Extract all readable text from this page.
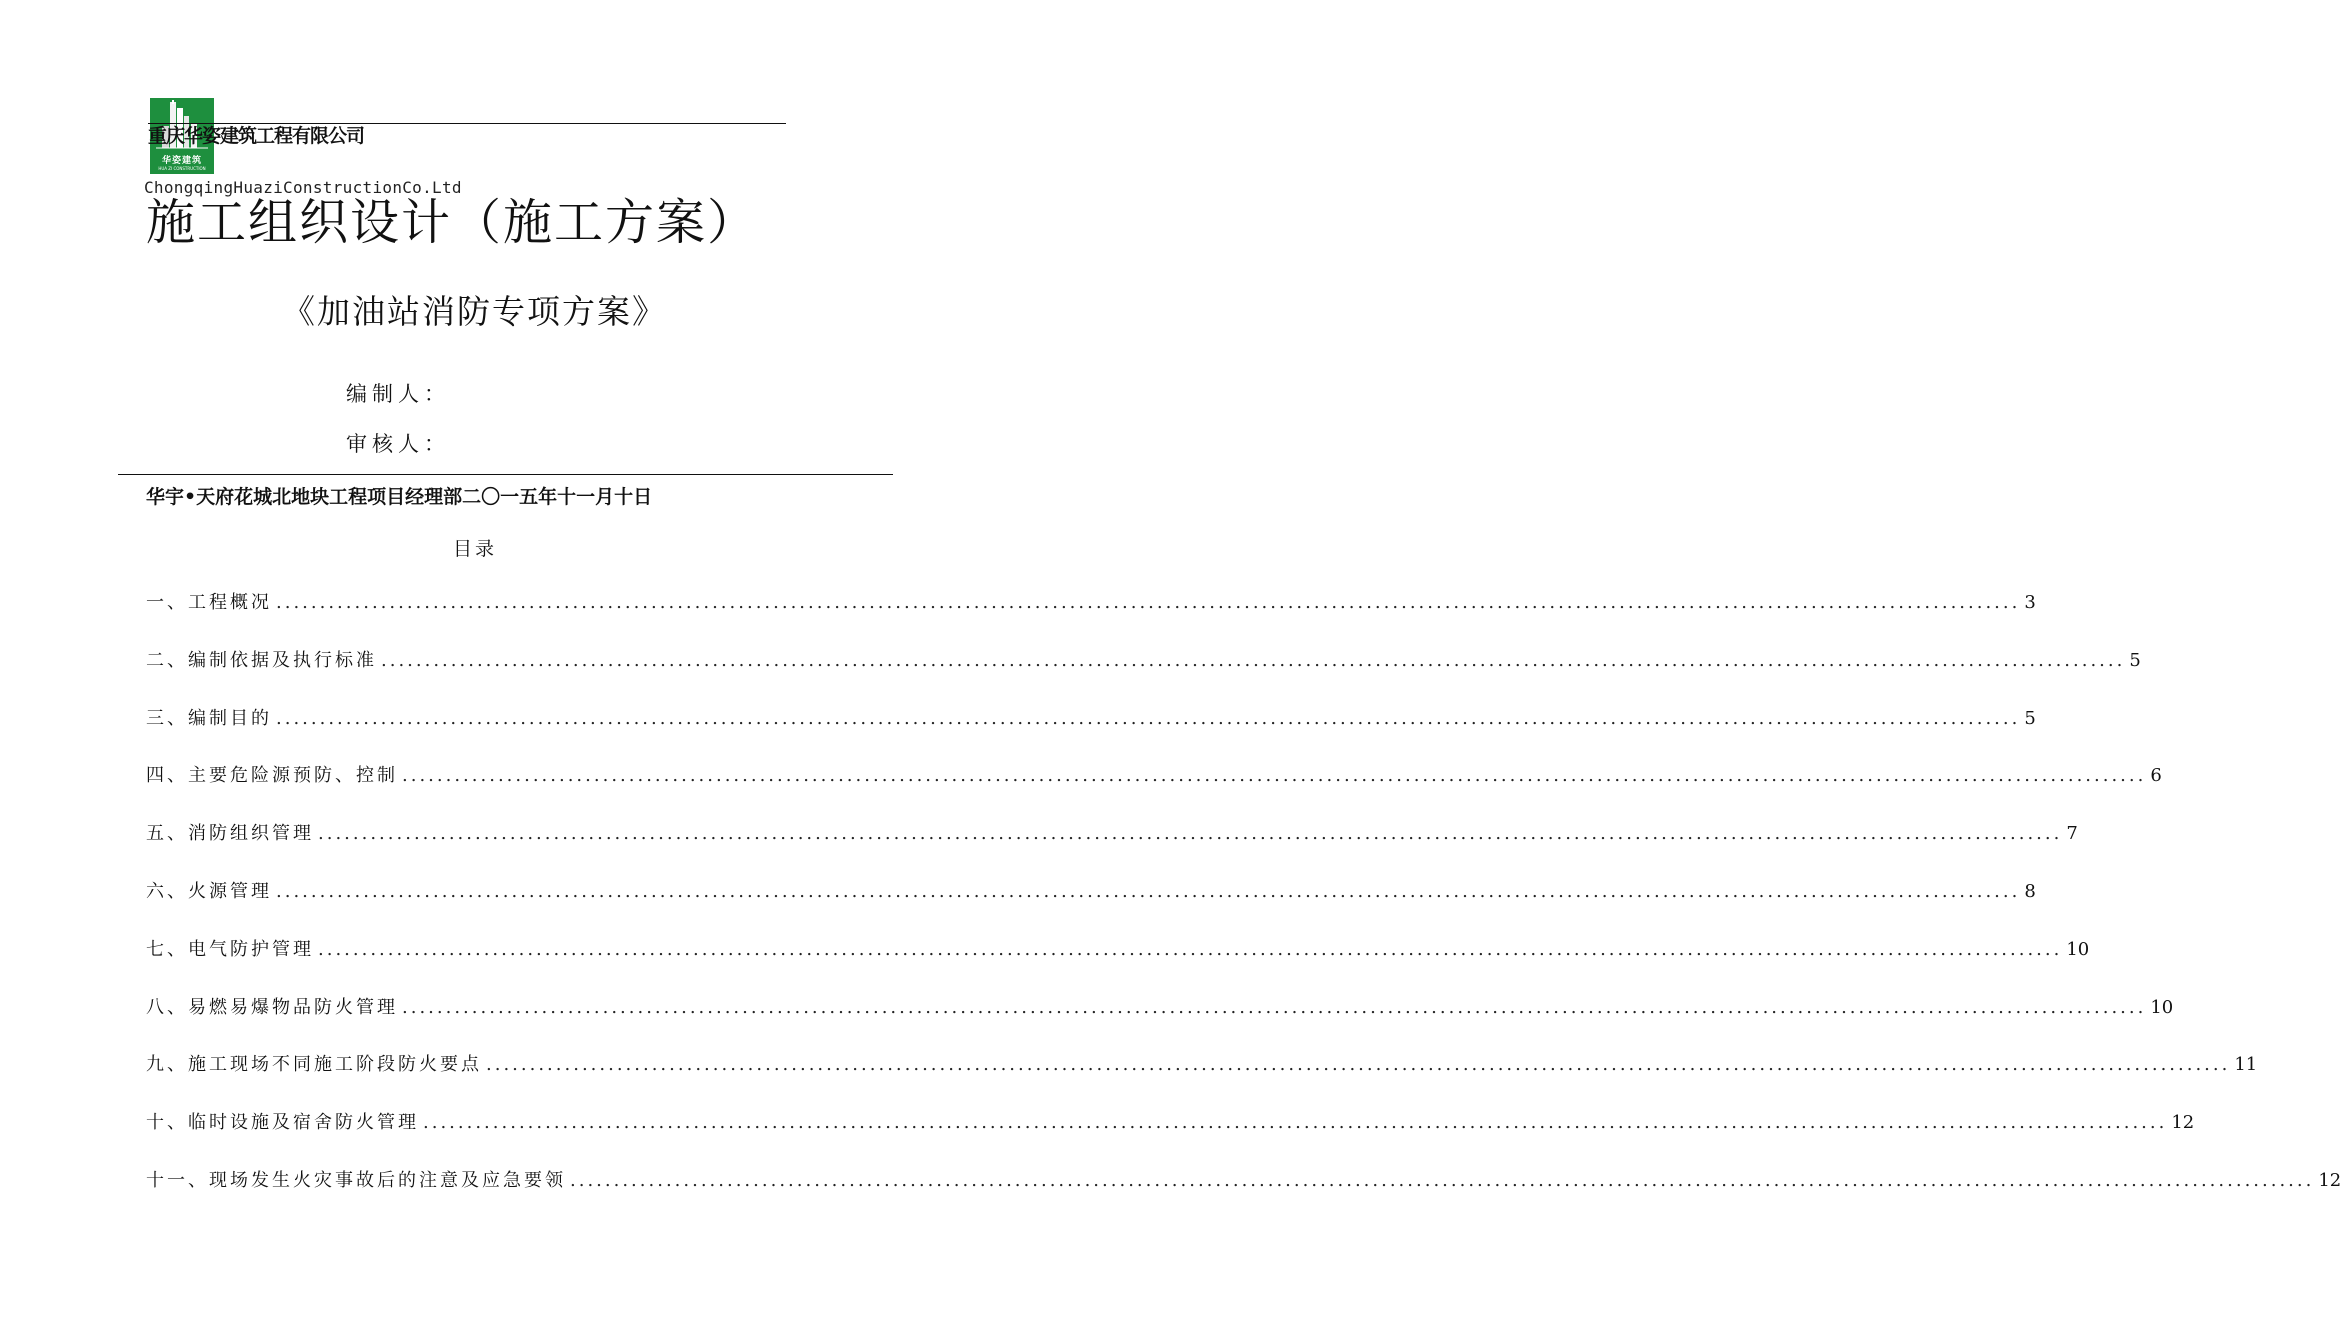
华姿建筑
HUA ZI CONSTRUCTION
重庆华姿建筑工程有限公司
ChongqingHuaziConstructionCo.Ltd
施工组织设计（施工方案）
《加油站消防专项方案》
编制人：
审核人：
华宇•天府花城北地块工程项目经理部二〇一五年十一月十日
目录
一、工程概况 ........................................................................................................................................................................................................ 3
二、编制依据及执行标准 ........................................................................................................................................................................................................ 5
三、编制目的 ........................................................................................................................................................................................................ 5
四、主要危险源预防、控制 ........................................................................................................................................................................................................ 6
五、消防组织管理 ........................................................................................................................................................................................................ 7
六、火源管理 ........................................................................................................................................................................................................ 8
七、电气防护管理 ........................................................................................................................................................................................................ 10
八、易燃易爆物品防火管理 ........................................................................................................................................................................................................ 10
九、施工现场不同施工阶段防火要点 ........................................................................................................................................................................................................ 11
十、临时设施及宿舍防火管理 ........................................................................................................................................................................................................ 12
十一、现场发生火灾事故后的注意及应急要领 ........................................................................................................................................................................................................ 12
